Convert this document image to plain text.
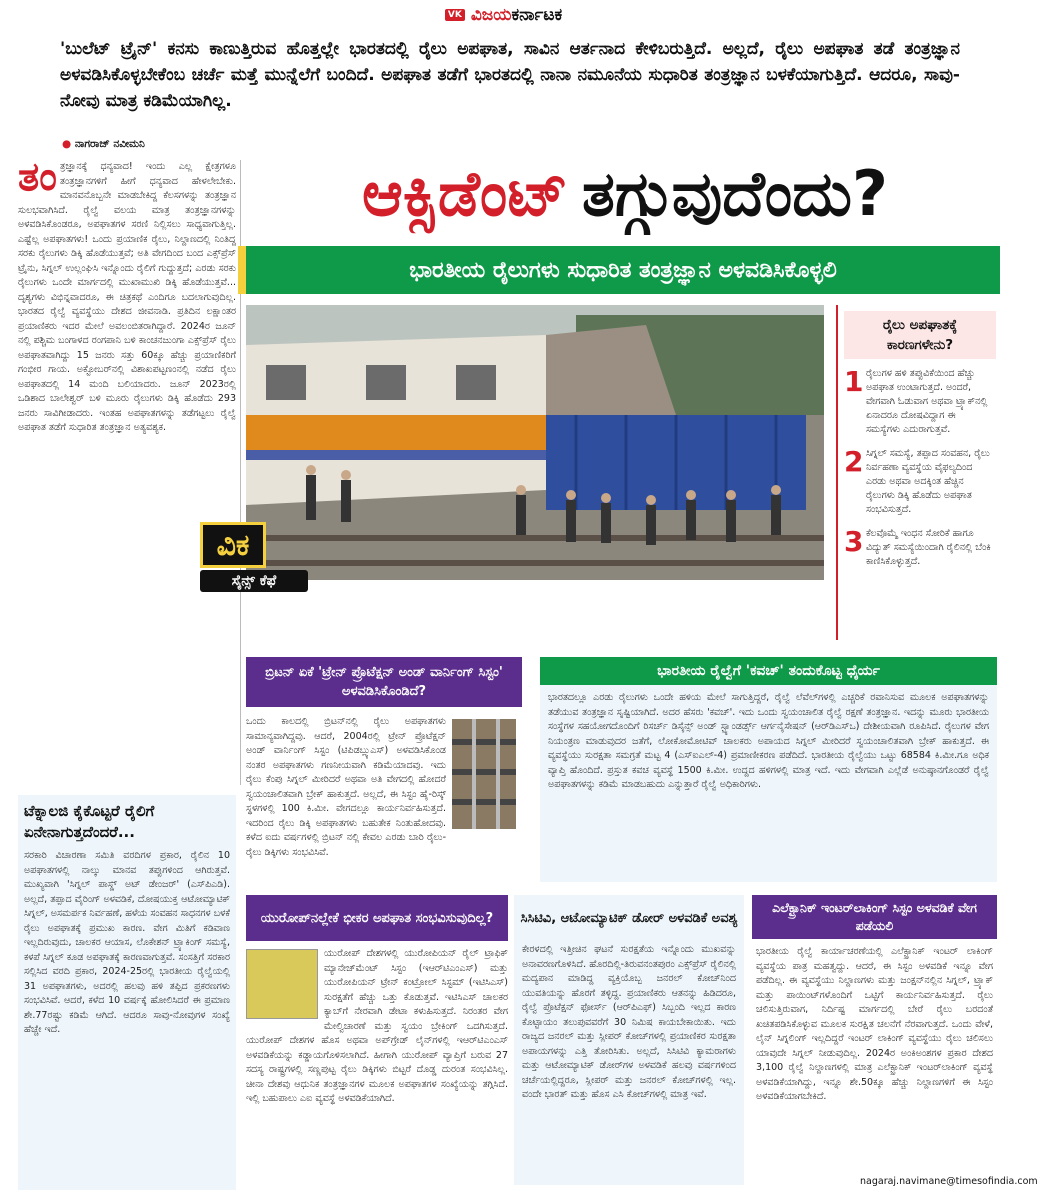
VK ವಿಜಯಕರ್ನಾಟಕ
'ಬುಲೆಟ್ ಟ್ರೈನ್' ಕನಸು ಕಾಣುತ್ತಿರುವ ಹೊತ್ತಲ್ಲೇ ಭಾರತದಲ್ಲಿ ರೈಲು ಅಪಘಾತ, ಸಾವಿನ ಆರ್ತನಾದ ಕೇಳಿಬರುತ್ತಿದೆ. ಅಲ್ಲದೆ, ರೈಲು ಅಪಘಾತ ತಡೆ ತಂತ್ರಜ್ಞಾನ ಅಳವಡಿಸಿಕೊಳ್ಳಬೇಕೆಂಬ ಚರ್ಚೆ ಮತ್ತೆ ಮುನ್ನೆಲೆಗೆ ಬಂದಿದೆ. ಅಪಘಾತ ತಡೆಗೆ ಭಾರತದಲ್ಲಿ ನಾನಾ ನಮೂನೆಯ ಸುಧಾರಿತ ತಂತ್ರಜ್ಞಾನ ಬಳಕೆಯಾಗುತ್ತಿದೆ. ಆದರೂ, ಸಾವು- ನೋವು ಮಾತ್ರ ಕಡಿಮೆಯಾಗಿಲ್ಲ.
● ನಾಗರಾಜ್ ನವೀಮನಿ
ತಂ ತ್ರಜ್ಞಾನಕ್ಕೆ ಧನ್ಯವಾದ! ಇಂದು ಎಲ್ಲ ಕ್ಷೇತ್ರಗಳೂ ತಂತ್ರಜ್ಞಾನಗಳಿಗೆ ಹೀಗೆ ಧನ್ಯವಾದ ಹೇಳಲೇಬೇಕು. ಮಾನವನೊಬ್ಬನೇ ಮಾಡಬೇಕಿದ್ದ ಕೆಲಸಗಳನ್ನು ತಂತ್ರಜ್ಞಾನ ಸುಲಭವಾಗಿಸಿದೆ. ರೈಲ್ವೆ ವಲಯ ಮಾತ್ರ ತಂತ್ರಜ್ಞಾನಗಳನ್ನು ಅಳವಡಿಸಿಕೊಂಡರೂ, ಅಪಘಾತಗಳ ಸರಣಿ ನಿಲ್ಲಿಸಲು ಸಾಧ್ಯವಾಗುತ್ತಿಲ್ಲ. ಎಷ್ಟೆಲ್ಲ ಅಪಘಾತಗಳು! ಒಂದು ಪ್ರಯಾಣಿಕ ರೈಲು, ನಿಲ್ದಾಣದಲ್ಲಿ ನಿಂತಿದ್ದ ಸರಕು ರೈಲುಗಳು ಡಿಕ್ಕಿ ಹೊಡೆಯುತ್ತವೆ; ಅತಿ ವೇಗದಿಂದ ಬಂದ ಎಕ್ಸ್‌ಪ್ರೆಸ್ ಟ್ರೈನು, ಸಿಗ್ನಲ್ ಉಲ್ಲಂಘಿಸಿ ಇನ್ನೊಂದು ರೈಲಿಗೆ ಗುದ್ದುತ್ತದೆ; ಎರಡು ಸರಕು ರೈಲುಗಳು ಒಂದೇ ಮಾರ್ಗದಲ್ಲಿ ಮುಖಾಮುಖಿ ಡಿಕ್ಕಿ ಹೊಡೆಯುತ್ತವೆ... ದೃಶ್ಯಗಳು ವಿಭಿನ್ನವಾದರೂ, ಈ ಚಿತ್ರಕಥೆ ಎಂದಿಗೂ ಬದಲಾಗುವುದಿಲ್ಲ. ಭಾರತದ ರೈಲ್ವೆ ವ್ಯವಸ್ಥೆಯು ದೇಶದ ಜೀವನಾಡಿ. ಪ್ರತಿದಿನ ಲಕ್ಷಾಂತರ ಪ್ರಯಾಣಿಕರು ಇದರ ಮೇಲೆ ಅವಲಂಬಿತರಾಗಿದ್ದಾರೆ. 2024ರ ಜೂನ್ ನಲ್ಲಿ ಪಶ್ಚಿಮ ಬಂಗಾಳದ ರಂಗಪಾನಿ ಬಳಿ ಕಾಂಚನಜುಂಗಾ ಎಕ್ಸ್‌ಪ್ರೆಸ್ ರೈಲು ಅಪಘಾತವಾಗಿದ್ದು 15 ಜನರು ಸತ್ತು 60ಕ್ಕೂ ಹೆಚ್ಚು ಪ್ರಯಾಣಿಕರಿಗೆ ಗಂಭೀರ ಗಾಯ. ಅಕ್ಟೋಬರ್‌ನಲ್ಲಿ ವಿಶಾಖಪಟ್ಟಣಂನಲ್ಲಿ ನಡೆದ ರೈಲು ಅಪಘಾತದಲ್ಲಿ 14 ಮಂದಿ ಬಲಿಯಾದರು. ಜೂನ್ 2023ರಲ್ಲಿ ಒಡಿಶಾದ ಬಾಲೇಶ್ವರ್ ಬಳಿ ಮೂರು ರೈಲುಗಳು ಡಿಕ್ಕಿ ಹೊಡೆದು 293 ಜನರು ಸಾವಿಗೀಡಾದರು. ಇಂತಹ ಅಪಘಾತಗಳನ್ನು ತಡೆಗಟ್ಟಲು ರೈಲ್ವೆ ಅಪಘಾತ ತಡೆಗೆ ಸುಧಾರಿತ ತಂತ್ರಜ್ಞಾನ ಅತ್ಯವಶ್ಯಕ.
ಆಕ್ಸಿಡೆಂಟ್ ತಗ್ಗುವುದೆಂದು?
ಭಾರತೀಯ ರೈಲುಗಳು ಸುಧಾರಿತ ತಂತ್ರಜ್ಞಾನ ಅಳವಡಿಸಿಕೊಳ್ಳಲಿ
ರೈಲು ಅಪಘಾತಕ್ಕೆ ಕಾರಣಗಳೇನು?
1 ರೈಲುಗಳ ಹಳಿ ತಪ್ಪುವಿಕೆಯಿಂದ ಹೆಚ್ಚು ಅಪಘಾತ ಉಂಟಾಗುತ್ತದೆ. ಅಂದರೆ, ವೇಗವಾಗಿ ಓಡುವಾಗ ಅಥವಾ ಟ್ರ್ಯಾಕ್‌ನಲ್ಲಿ ಏನಾದರೂ ದೋಷವಿದ್ದಾಗ ಈ ಸಮಸ್ಯೆಗಳು ಎದುರಾಗುತ್ತವೆ.
2 ಸಿಗ್ನಲ್ ಸಮಸ್ಯೆ, ತಪ್ಪಾದ ಸಂವಹನ, ರೈಲು ನಿರ್ವಹಣಾ ವ್ಯವಸ್ಥೆಯ ವೈಫಲ್ಯದಿಂದ ಎರಡು ಅಥವಾ ಅದಕ್ಕಿಂತ ಹೆಚ್ಚಿನ ರೈಲುಗಳು ಡಿಕ್ಕಿ ಹೊಡೆದು ಅಪಘಾತ ಸಂಭವಿಸುತ್ತದೆ.
3 ಕೆಲವೊಮ್ಮೆ ಇಂಧನ ಸೋರಿಕೆ ಹಾಗೂ ವಿದ್ಯುತ್ ಸಮಸ್ಯೆಯಿಂದಾಗಿ ರೈಲಿನಲ್ಲಿ ಬೆಂಕಿ ಕಾಣಿಸಿಕೊಳ್ಳುತ್ತದೆ.
ವಿಕ
ಸೈನ್ಸ್ ಕೆಫೆ
ಬ್ರಿಟನ್ ಏಕೆ 'ಟ್ರೇನ್ ಪ್ರೊಟೆಕ್ಷನ್ ಅಂಡ್ ವಾರ್ನಿಂಗ್ ಸಿಸ್ಟಂ' ಅಳವಡಿಸಿಕೊಂಡಿದೆ?
ಒಂದು ಕಾಲದಲ್ಲಿ ಬ್ರಿಟನ್‌ನಲ್ಲಿ ರೈಲು ಅಪಘಾತಗಳು ಸಾಮಾನ್ಯವಾಗಿದ್ದವು. ಆದರೆ, 2004ರಲ್ಲಿ ಟ್ರೇನ್ ಪ್ರೊಟೆಕ್ಷನ್ ಅಂಡ್ ವಾರ್ನಿಂಗ್ ಸಿಸ್ಟಂ (ಟಿಪಿಡಬ್ಲ್ಯುಎಸ್) ಅಳವಡಿಸಿಕೊಂಡ ನಂತರ ಅಪಘಾತಗಳು ಗಣನೀಯವಾಗಿ ಕಡಿಮೆಯಾದವು. ಇದು ರೈಲು ಕೆಂಪು ಸಿಗ್ನಲ್ ಮೀರಿದರೆ ಅಥವಾ ಅತಿ ವೇಗದಲ್ಲಿ ಹೋದರೆ ಸ್ವಯಂಚಾಲಿತವಾಗಿ ಬ್ರೇಕ್ ಹಾಕುತ್ತದೆ. ಅಲ್ಲದೆ, ಈ ಸಿಸ್ಟಂ ಹೈ-ರಿಸ್ಕ್ ಸ್ಥಳಗಳಲ್ಲಿ 100 ಕಿ.ಮೀ. ವೇಗದಲ್ಲೂ ಕಾರ್ಯನಿರ್ವಹಿಸುತ್ತದೆ. ಇದರಿಂದ ರೈಲು ಡಿಕ್ಕಿ ಅಪಘಾತಗಳು ಬಹುತೇಕ ನಿಂತುಹೋದವು. ಕಳೆದ ಐದು ವರ್ಷಗಳಲ್ಲಿ ಬ್ರಿಟನ್ ನಲ್ಲಿ ಕೇವಲ ಎರಡು ಬಾರಿ ರೈಲು-ರೈಲು ಡಿಕ್ಕಿಗಳು ಸಂಭವಿಸಿವೆ.
ಭಾರತೀಯ ರೈಲ್ವೆಗೆ 'ಕವಚ್' ತಂದುಕೊಟ್ಟ ಧೈರ್ಯ
ಭಾರತದಲ್ಲೂ ಎರಡು ರೈಲುಗಳು ಒಂದೇ ಹಳಿಯ ಮೇಲೆ ಸಾಗುತ್ತಿದ್ದರೆ, ರೈಲ್ವೆ ಲೆವೆಲ್‌ಗಳಲ್ಲಿ ಎಚ್ಚರಿಕೆ ರವಾನಿಸುವ ಮೂಲಕ ಅಪಘಾತಗಳನ್ನು ತಡೆಯುವ ತಂತ್ರಜ್ಞಾನ ಸೃಷ್ಟಿಯಾಗಿದೆ. ಅದರ ಹೆಸರು 'ಕವಚ್'. ಇದು ಒಂದು ಸ್ವಯಂಚಾಲಿತ ರೈಲ್ವೆ ರಕ್ಷಣೆ ತಂತ್ರಜ್ಞಾನ. ಇದನ್ನು ಮೂರು ಭಾರತೀಯ ಸಂಸ್ಥೆಗಳ ಸಹಯೋಗದೊಂದಿಗೆ ರಿಸರ್ಚ್ ಡಿಸೈನ್ಸ್ ಅಂಡ್ ಸ್ಟ್ಯಾಂಡರ್ಡ್ಸ್ ಆರ್ಗನೈಸೇಷನ್ (ಆರ್‌ಡಿಎಸ್‌ಒ) ದೇಶೀಯವಾಗಿ ರೂಪಿಸಿದೆ. ರೈಲುಗಳ ವೇಗ ನಿಯಂತ್ರಣ ಮಾಡುವುದರ ಜತೆಗೆ, ಲೋಕೋಮೋಟಿವ್ ಚಾಲಕರು ಅಪಾಯದ ಸಿಗ್ನಲ್ ಮೀರಿದರೆ ಸ್ವಯಂಚಾಲಿತವಾಗಿ ಬ್ರೇಕ್ ಹಾಕುತ್ತದೆ. ಈ ವ್ಯವಸ್ಥೆಯು ಸುರಕ್ಷತಾ ಸಮಗ್ರತೆ ಮಟ್ಟ 4 (ಎಸ್‌ಐಎಲ್-4) ಪ್ರಮಾಣೀಕರಣ ಪಡೆದಿದೆ. ಭಾರತೀಯ ರೈಲ್ವೆಯು ಒಟ್ಟು 68584 ಕಿ.ಮೀ.ಗೂ ಅಧಿಕ ವ್ಯಾಪ್ತಿ ಹೊಂದಿದೆ. ಪ್ರಸ್ತುತ ಕವಚ ವ್ಯವಸ್ಥೆ 1500 ಕಿ.ಮೀ. ಉದ್ದದ ಹಳಿಗಳಲ್ಲಿ ಮಾತ್ರ ಇದೆ. ಇದು ವೇಗವಾಗಿ ಎಲ್ಲೆಡೆ ಅನುಷ್ಠಾನಗೊಂಡರೆ ರೈಲ್ವೆ ಅಪಘಾತಗಳನ್ನು ಕಡಿಮೆ ಮಾಡಬಹುದು ಎನ್ನುತ್ತಾರೆ ರೈಲ್ವೆ ಅಧಿಕಾರಿಗಳು.
ಟೆಕ್ನಾಲಜಿ ಕೈಕೊಟ್ಟರೆ ರೈಲಿಗೆ ಏನೇನಾಗುತ್ತದೆಂದರೆ...
ಸರಕಾರಿ ವಿಚಾರಣಾ ಸಮಿತಿ ವರದಿಗಳ ಪ್ರಕಾರ, ರೈಲಿನ 10 ಅಪಘಾತಗಳಲ್ಲಿ ನಾಲ್ಕು ಮಾನವ ತಪ್ಪುಗಳಿಂದ ಆಗಿರುತ್ತವೆ. ಮುಖ್ಯವಾಗಿ 'ಸಿಗ್ನಲ್ ಪಾಸ್ಡ್ ಅಟ್ ಡೇಂಜರ್' (ಎಸ್‌ಪಿಎಡಿ). ಅಲ್ಲದೆ, ತಪ್ಪಾದ ವೈರಿಂಗ್ ಅಳವಡಿಕೆ, ದೋಷಯುಕ್ತ ಆಟೋಮ್ಯಾಟಿಕ್ ಸಿಗ್ನಲ್, ಅಸಮರ್ಪಕ ನಿರ್ವಹಣೆ, ಹಳೆಯ ಸಂವಹನ ಸಾಧನಗಳ ಬಳಕೆ ರೈಲು ಅಪಘಾತಕ್ಕೆ ಪ್ರಮುಖ ಕಾರಣ. ವೇಗ ಮಿತಿಗೆ ಕಡಿವಾಣ ಇಲ್ಲದಿರುವುದು, ಚಾಲಕರ ಆಯಾಸ, ಲೊಕೇಶನ್ ಟ್ರ್ಯಾಕಿಂಗ್ ಸಮಸ್ಯೆ, ಕಳಪೆ ಸಿಗ್ನಲ್ ಕೂಡ ಅಪಘಾತಕ್ಕೆ ಕಾರಣವಾಗುತ್ತವೆ. ಸಂಸತ್ತಿಗೆ ಸರಕಾರ ಸಲ್ಲಿಸಿದ ವರದಿ ಪ್ರಕಾರ, 2024-25ರಲ್ಲಿ ಭಾರತೀಯ ರೈಲ್ವೆಯಲ್ಲಿ 31 ಅಪಘಾತಗಳು, ಅದರಲ್ಲಿ ಹಲವು ಹಳಿ ತಪ್ಪಿದ ಪ್ರಕರಣಗಳು ಸಂಭವಿಸಿವೆ. ಆದರೆ, ಕಳೆದ 10 ವರ್ಷಕ್ಕೆ ಹೋಲಿಸಿದರೆ ಈ ಪ್ರಮಾಣ ಶೇ.77ರಷ್ಟು ಕಡಿಮೆ ಆಗಿದೆ. ಆದರೂ ಸಾವು-ನೋವುಗಳ ಸಂಖ್ಯೆ ಹೆಚ್ಚೇ ಇದೆ.
ಯುರೋಪ್‌ನಲ್ಲೇಕೆ ಭೀಕರ ಅಪಘಾತ ಸಂಭವಿಸುವುದಿಲ್ಲ?
ಯುರೋಪ್ ದೇಶಗಳಲ್ಲಿ ಯುರೋಪಿಯನ್ ರೈಲ್ ಟ್ರಾಫಿಕ್ ಮ್ಯಾನೇಜ್‌ಮೆಂಟ್ ಸಿಸ್ಟಂ (ಇಆರ್‌ಟಿಎಂಎಸ್) ಮತ್ತು ಯುರೋಪಿಯನ್ ಟ್ರೇನ್ ಕಂಟ್ರೋಲ್ ಸಿಸ್ಟಮ್ (ಇಟಿಸಿಎಸ್) ಸುರಕ್ಷತೆಗೆ ಹೆಚ್ಚು ಒತ್ತು ಕೊಡುತ್ತವೆ. ಇಟಿಸಿಎಸ್ ಚಾಲಕರ ಕ್ಯಾಬ್‌ಗೆ ನೇರವಾಗಿ ಡೇಟಾ ಕಳುಹಿಸುತ್ತದೆ. ನಿರಂತರ ವೇಗ ಮೇಲ್ವಿಚಾರಣೆ ಮತ್ತು ಸ್ವಯಂ ಬ್ರೇಕಿಂಗ್ ಒದಗಿಸುತ್ತದೆ. ಯುರೋಪ್ ದೇಶಗಳ ಹೊಸ ಅಥವಾ ಅಪ್‌ಗ್ರೇಡ್ ಲೈನ್‌ಗಳಲ್ಲಿ ಇಆರ್‌ಟಿಎಂಎಸ್ ಅಳವಡಿಕೆಯನ್ನು ಕಡ್ಡಾಯಗೊಳಿಸಲಾಗಿದೆ. ಹೀಗಾಗಿ ಯುರೋಪ್ ವ್ಯಾಪ್ತಿಗೆ ಬರುವ 27 ಸದಸ್ಯ ರಾಷ್ಟ್ರಗಳಲ್ಲಿ ಸಣ್ಣಪುಟ್ಟ ರೈಲು ಡಿಕ್ಕಿಗಳು ಬಿಟ್ಟರೆ ದೊಡ್ಡ ದುರಂತ ಸಂಭವಿಸಿಲ್ಲ. ಚೀನಾ ದೇಶವು ಆಧುನಿಕ ತಂತ್ರಜ್ಞಾನಗಳ ಮೂಲಕ ಅಪಘಾತಗಳ ಸಂಖ್ಯೆಯನ್ನು ತಗ್ಗಿಸಿದೆ. ಇಲ್ಲಿ ಬಹುಪಾಲು ಎಐ ವ್ಯವಸ್ಥೆ ಅಳವಡಿಕೆಯಾಗಿದೆ.
ಸಿಸಿಟಿವಿ, ಆಟೋಮ್ಯಾಟಿಕ್ ಡೋರ್ ಅಳವಡಿಕೆ ಅವಶ್ಯ
ಕೇರಳದಲ್ಲಿ ಇತ್ತೀಚಿನ ಘಟನೆ ಸುರಕ್ಷತೆಯ ಇನ್ನೊಂದು ಮುಖವನ್ನು ಅನಾವರಣಗೊಳಿಸಿದೆ. ಹೊರದಿಲ್ಲಿ-ತಿರುವನಂತಪುರಂ ಎಕ್ಸ್‌ಪ್ರೆಸ್ ರೈಲಿನಲ್ಲಿ ಮದ್ಯಪಾನ ಮಾಡಿದ್ದ ವ್ಯಕ್ತಿಯೊಬ್ಬ ಜನರಲ್ ಕೋಚ್‌ನಿಂದ ಯುವತಿಯನ್ನು ಹೊರಗೆ ತಳ್ಳಿದ್ದ. ಪ್ರಯಾಣಿಕರು ಆತನನ್ನು ಹಿಡಿದರೂ, ರೈಲ್ವೆ ಪ್ರೊಟೆಕ್ಷನ್ ಫೋರ್ಸ್ (ಆರ್‌ಪಿಎಫ್) ಸಿಬ್ಬಂದಿ ಇಲ್ಲದ ಕಾರಣ ಕೊಟ್ಟಾಯಂ ತಲುಪುವವರೆಗೆ 30 ನಿಮಿಷ ಕಾಯಬೇಕಾಯಿತು. ಇದು ರಾಜ್ಯದ ಜನರಲ್ ಮತ್ತು ಸ್ಲೀಪರ್ ಕೋಚ್‌ಗಳಲ್ಲಿ ಪ್ರಯಾಣಿಕರ ಸುರಕ್ಷತಾ ಅಪಾಯಗಳನ್ನು ಎತ್ತಿ ತೋರಿಸಿತು. ಅಲ್ಲದೆ, ಸಿಸಿಟಿವಿ ಕ್ಯಾಮರಾಗಳು ಮತ್ತು ಆಟೋಮ್ಯಾಟಿಕ್ ಡೋರ್‌ಗಳ ಅಳವಡಿಕೆ ಹಲವು ವರ್ಷಗಳಿಂದ ಚರ್ಚೆಯಲ್ಲಿದ್ದರೂ, ಸ್ಲೀಪರ್ ಮತ್ತು ಜನರಲ್ ಕೋಚ್‌ಗಳಲ್ಲಿ ಇಲ್ಲ. ವಂದೇ ಭಾರತ್ ಮತ್ತು ಹೊಸ ಎಸಿ ಕೋಚ್‌ಗಳಲ್ಲಿ ಮಾತ್ರ ಇವೆ.
ಎಲೆಕ್ಟ್ರಾನಿಕ್ ಇಂಟರ್‌ಲಾಕಿಂಗ್ ಸಿಸ್ಟಂ ಅಳವಡಿಕೆ ವೇಗ ಪಡೆಯಲಿ
ಭಾರತೀಯ ರೈಲ್ವೆ ಕಾರ್ಯಾಚರಣೆಯಲ್ಲಿ ಎಲೆಕ್ಟ್ರಾನಿಕ್ ಇಂಟರ್ ಲಾಕಿಂಗ್ ವ್ಯವಸ್ಥೆಯ ಪಾತ್ರ ಮಹತ್ವದ್ದು. ಆದರೆ, ಈ ಸಿಸ್ಟಂ ಅಳವಡಿಕೆ ಇನ್ನೂ ವೇಗ ಪಡೆದಿಲ್ಲ. ಈ ವ್ಯವಸ್ಥೆಯು ನಿಲ್ದಾಣಗಳು ಮತ್ತು ಜಂಕ್ಷನ್‌ನಲ್ಲಿನ ಸಿಗ್ನಲ್, ಟ್ರ್ಯಾಕ್ ಮತ್ತು ಪಾಯಿಂಟ್‌ಗಳೊಂದಿಗೆ ಒಟ್ಟಿಗೆ ಕಾರ್ಯನಿರ್ವಹಿಸುತ್ತದೆ. ರೈಲು ಚಲಿಸುತ್ತಿರುವಾಗ, ನಿರ್ದಿಷ್ಟ ಮಾರ್ಗದಲ್ಲಿ ಬೇರೆ ರೈಲು ಬರದಂತೆ ಖಚಿತಪಡಿಸಿಕೊಳ್ಳುವ ಮೂಲಕ ಸುರಕ್ಷಿತ ಚಲನೆಗೆ ನೆರವಾಗುತ್ತದೆ. ಒಂದು ವೇಳೆ, ಲೈನ್ ಸಿಗ್ನಲಿಂಗ್ ಇಲ್ಲದಿದ್ದರೆ ಇಂಟರ್ ಲಾಕಿಂಗ್ ವ್ಯವಸ್ಥೆಯು ರೈಲು ಚಲಿಸಲು ಯಾವುದೇ ಸಿಗ್ನಲ್ ನೀಡುವುದಿಲ್ಲ. 2024ರ ಅಂಕಿಅಂಶಗಳ ಪ್ರಕಾರ ದೇಶದ 3,100 ರೈಲ್ವೆ ನಿಲ್ದಾಣಗಳಲ್ಲಿ ಮಾತ್ರ ಎಲೆಕ್ಟ್ರಾನಿಕ್ ಇಂಟರ್‌ಲಾಕಿಂಗ್ ವ್ಯವಸ್ಥೆ ಅಳವಡಿಕೆಯಾಗಿದ್ದು, ಇನ್ನೂ ಶೇ.50ಕ್ಕೂ ಹೆಚ್ಚು ನಿಲ್ದಾಣಗಳಿಗೆ ಈ ಸಿಸ್ಟಂ ಅಳವಡಿಕೆಯಾಗಬೇಕಿದೆ.
nagaraj.navimane@timesofindia.com
